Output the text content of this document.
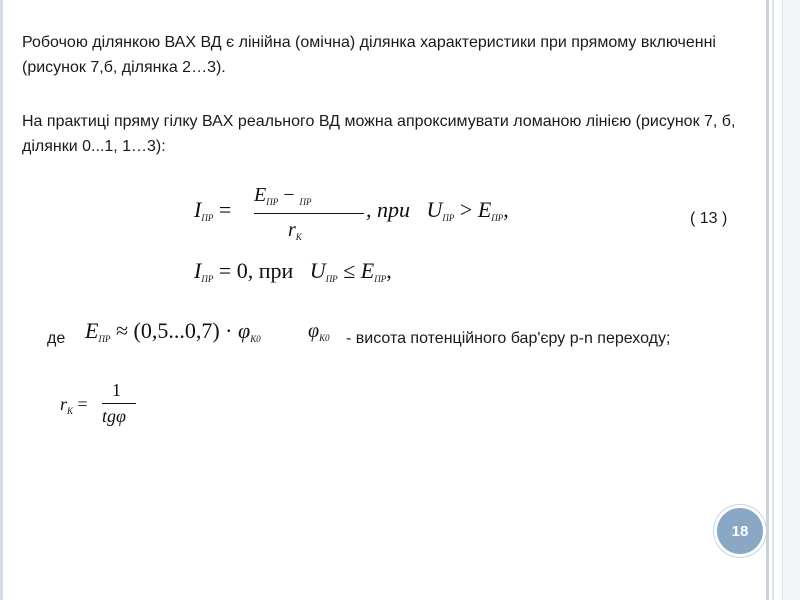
Робочою ділянкою ВАХ ВД є лінійна (омічна) ділянка характеристики при прямому включенні (рисунок 7,б, ділянка 2…3).

На практиці пряму гілку ВАХ реального ВД можна апроксимувати ломаною лінією (рисунок 7, б, ділянки 0...1, 1…3):

IПР =
$E_{ПР} - _{ПР}$
$r_К$
, при UПР > EПР,	( 13 )
IПР = 0, при UПР ≤ EПР,
де EПР ≈ (0,5...0,7) · φК0 $\varphi_{К0}$ - висота потенційного бар'єру p-n переходу;
$r_К$ =
1
tgφ
18
